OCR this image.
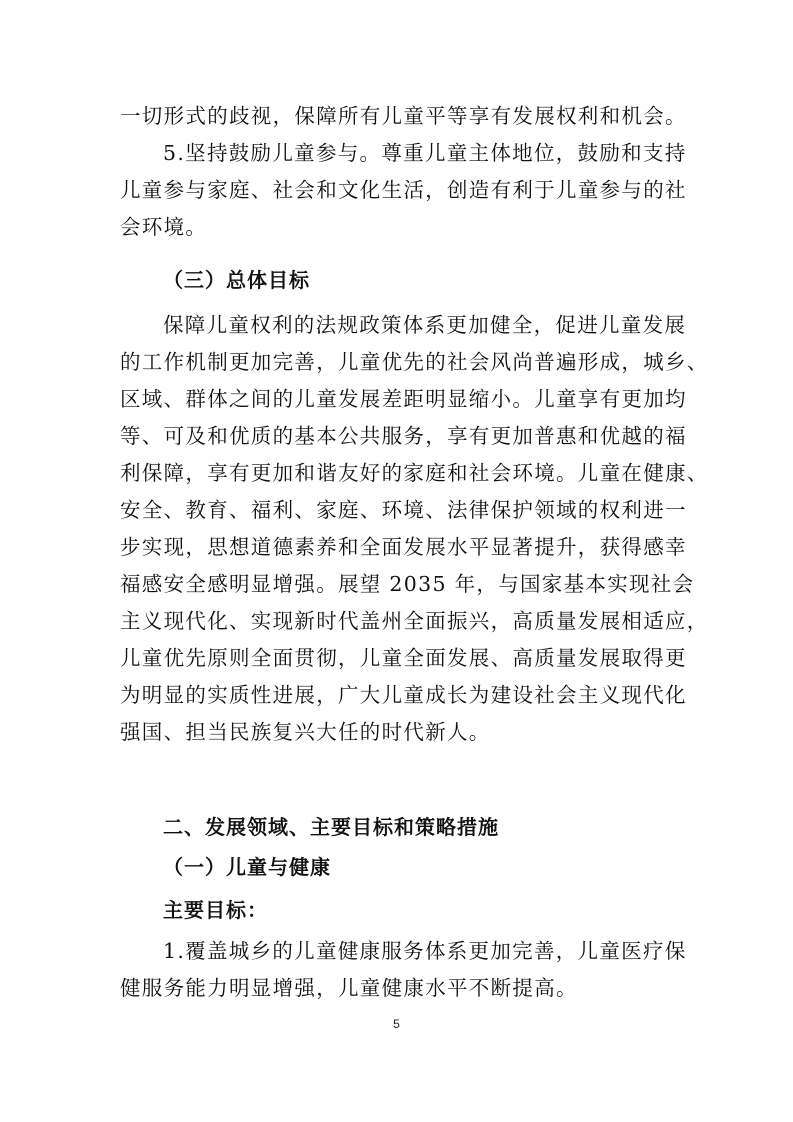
一切形式的歧视，保障所有儿童平等享有发展权利和机会。
5.坚持鼓励儿童参与。尊重儿童主体地位，鼓励和支持
儿童参与家庭、社会和文化生活，创造有利于儿童参与的社
会环境。
（三）总体目标
保障儿童权利的法规政策体系更加健全，促进儿童发展
的工作机制更加完善，儿童优先的社会风尚普遍形成，城乡、
区域、群体之间的儿童发展差距明显缩小。儿童享有更加均
等、可及和优质的基本公共服务，享有更加普惠和优越的福
利保障，享有更加和谐友好的家庭和社会环境。儿童在健康、
安全、教育、福利、家庭、环境、法律保护领域的权利进一
步实现，思想道德素养和全面发展水平显著提升，获得感幸
福感安全感明显增强。展望 2035 年，与国家基本实现社会
主义现代化、实现新时代盖州全面振兴，高质量发展相适应，
儿童优先原则全面贯彻，儿童全面发展、高质量发展取得更
为明显的实质性进展，广大儿童成长为建设社会主义现代化
强国、担当民族复兴大任的时代新人。
二、发展领域、主要目标和策略措施
（一）儿童与健康
主要目标：
1.覆盖城乡的儿童健康服务体系更加完善，儿童医疗保
健服务能力明显增强，儿童健康水平不断提高。
5
